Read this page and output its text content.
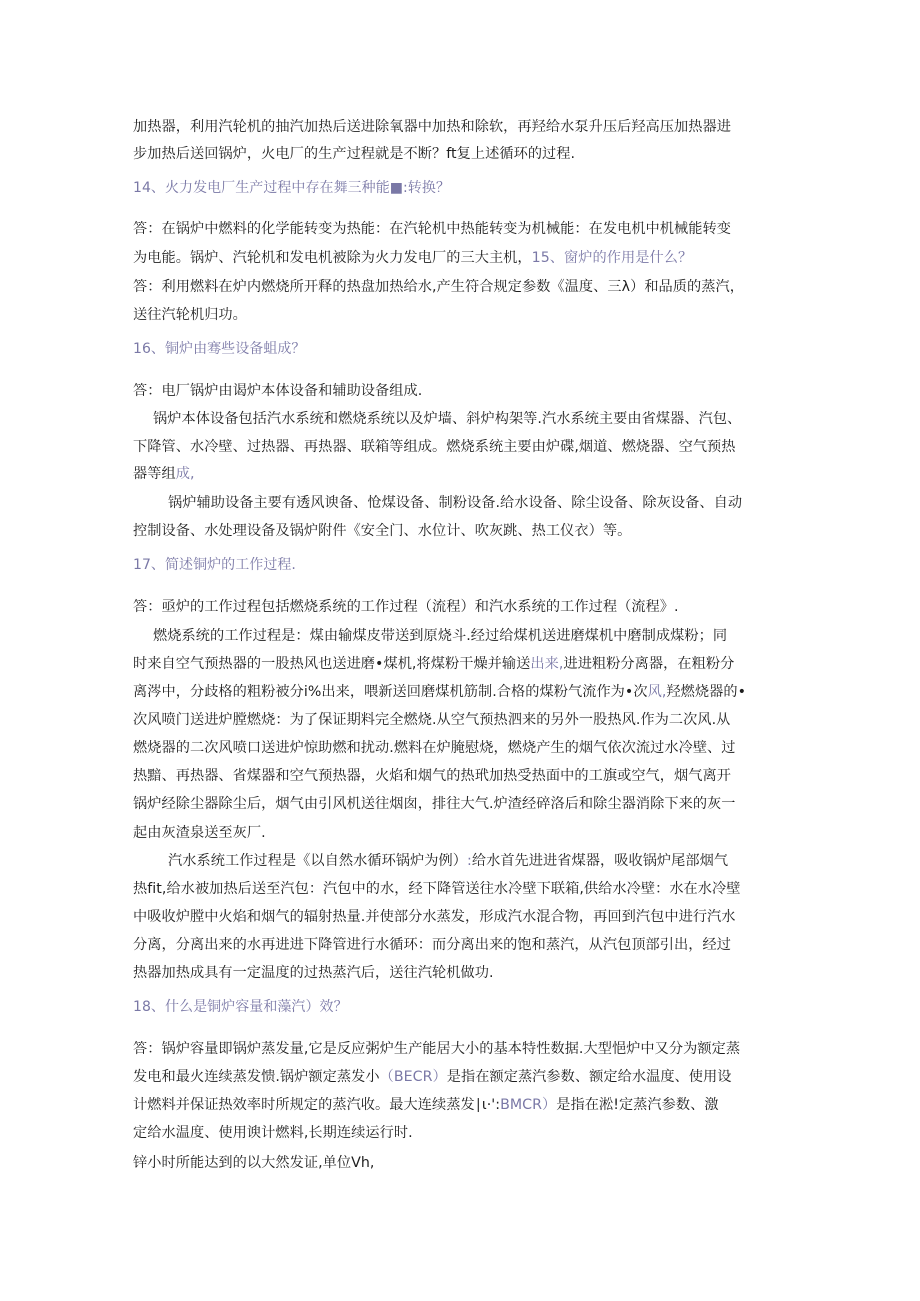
加热器，利用汽轮机的抽汽加热后送进除氧器中加热和除软，再羟给水泵升压后羟高压加热器进
步加热后送回锅炉，火电厂的生产过程就是不断？ft复上述循环的过程.
14、火力发电厂生产过程中存在舞三种能■:转换？
答：在锅炉中燃料的化学能转变为热能：在汽轮机中热能转变为机械能：在发电机中机械能转变
为电能。锅炉、汽轮机和发电机被除为火力发电厂的三大主机，15、窗炉的作用是什么？
答：利用燃料在炉内燃烧所开释的热盘加热给水,产生符合规定参数《温度、三λ）和品质的蒸汽，
送往汽轮机归功。
16、铜炉由骞些设备蛆成？
答：电厂锅炉由谒炉本体设备和辅助设备组成.
锅炉本体设备包括汽水系统和燃烧系统以及炉墙、斜炉构架等.汽水系统主要由省煤器、汽包、
下降管、水冷壁、过热器、再热器、联箱等组成。燃烧系统主要由炉碟,烟道、燃烧器、空气预热
器等组成,
锅炉辅助设备主要有透风谀备、怆煤设备、制粉设备.给水设备、除尘设备、除灰设备、自动
控制设备、水处理设备及锅炉附件《安全门、水位计、吹灰跳、热工仪衣）等。
17、简述铜炉的工作过程.
答：亟炉的工作过程包括燃烧系统的工作过程（流程）和汽水系统的工作过程（流程》.
燃烧系统的工作过程是：煤由输煤皮带送到原烧斗.经过给煤机送进磨煤机中磨制成煤粉；同
时来自空气预热器的一股热风也送进磨•煤机,将煤粉干燥并输送出来,进进粗粉分离器，在粗粉分
离涔中，分歧格的粗粉被分i%出来，喂新送回磨煤机筋制.合格的煤粉气流作为•次风,羟燃烧器的•
次风喷门送进炉膛燃烧：为了保证期料完全燃烧.从空气预热泗来的另外一股热风.作为二次风.从
燃烧器的二次风喷口送进炉惊助燃和扰动.燃料在炉腌慰烧，燃烧产生的烟气依次流过水冷壁、过
热黯、再热器、省煤器和空气预热器，火焰和烟气的热玳加热受热面中的工旗或空气，烟气离开
锅炉经除尘器除尘后，烟气由引风机送往烟囱，排往大气.炉渣经碎洛后和除尘器消除下来的灰一
起由灰渣泉送至灰厂.
汽水系统工作过程是《以自然水循环锅炉为例）:给水首先进进省煤器，吸收锅炉尾部烟气
热fit,给水被加热后送至汽包：汽包中的水，经下降管送往水冷壁下联箱,供给水冷壁：水在水冷壁
中吸收炉膛中火焰和烟气的辐射热量.并使部分水蒸发，形成汽水混合物，再回到汽包中进行汽水
分离，分离出来的水再进进下降管进行水循环：而分离出来的饱和蒸汽，从汽包顶部引出，经过
热器加热成具有一定温度的过热蒸汽后，送往汽轮机做功.
18、什么是铜炉容量和藻汽）效？
答：锅炉容量即锅炉蒸发量,它是反应粥炉生产能居大小的基本特性数据.大型悒炉中又分为额定蒸
发电和最火连续蒸发愦.锅炉额定蒸发小（BECR）是指在额定蒸汽参数、额定给水温度、使用设
计燃料并保证热效率时所规定的蒸汽收。最大连续蒸发∣ι·':BMCR）是指在淞!定蒸汽参数、激
定给水温度、使用谀计燃料,长期连续运行时.
锌小时所能达到的以大然发证,单位Vh,
